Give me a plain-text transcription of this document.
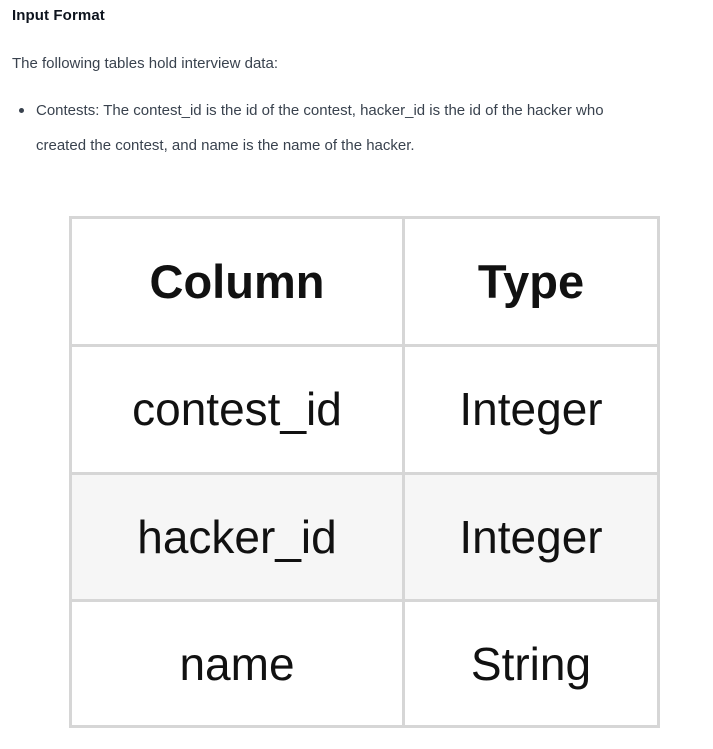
Input Format
The following tables hold interview data:
Contests: The contest_id is the id of the contest, hacker_id is the id of the hacker who
created the contest, and name is the name of the hacker.
Column	Type
contest_id	Integer
hacker_id	Integer
name	String
